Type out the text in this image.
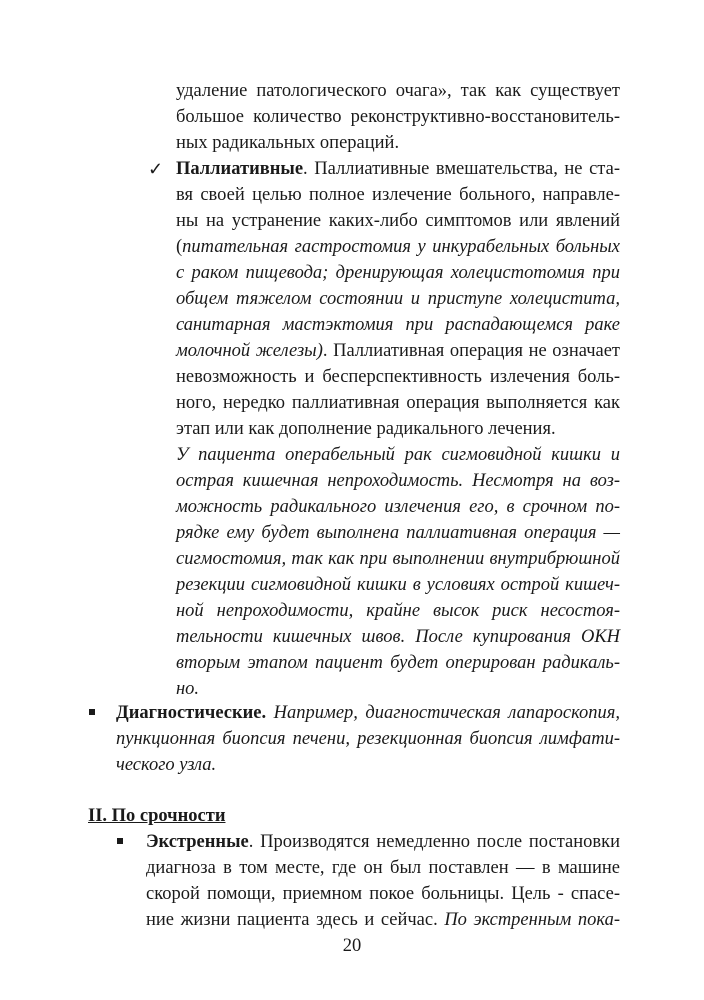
удаление патологического очага», так как существует
большое количество реконструктивно-восстановитель-
ных радикальных операций.
✓ Паллиативные. Паллиативные вмешательства, не ста-
вя своей целью полное излечение больного, направле-
ны на устранение каких-либо симптомов или явлений
(питательная гастростомия у инкурабельных больных
с раком пищевода; дренирующая холецистотомия при
общем тяжелом состоянии и приступе холецистита,
санитарная мастэктомия при распадающемся раке
молочной железы). Паллиативная операция не означает
невозможность и бесперспективность излечения боль-
ного, нередко паллиативная операция выполняется как
этап или как дополнение радикального лечения.
У пациента операбельный рак сигмовидной кишки и
острая кишечная непроходимость. Несмотря на воз-
можность радикального излечения его, в срочном по-
рядке ему будет выполнена паллиативная операция —
сигмостомия, так как при выполнении внутрибрюшной
резекции сигмовидной кишки в условиях острой кишеч-
ной непроходимости, крайне высок риск несостоя-
тельности кишечных швов. После купирования ОКН
вторым этапом пациент будет оперирован радикаль-
но.
Диагностические. Например, диагностическая лапароскопия,
пункционная биопсия печени, резекционная биопсия лимфати-
ческого узла.
II. По срочности
Экстренные. Производятся немедленно после постановки
диагноза в том месте, где он был поставлен — в машине
скорой помощи, приемном покое больницы. Цель - спасе-
ние жизни пациента здесь и сейчас. По экстренным пока-
20
